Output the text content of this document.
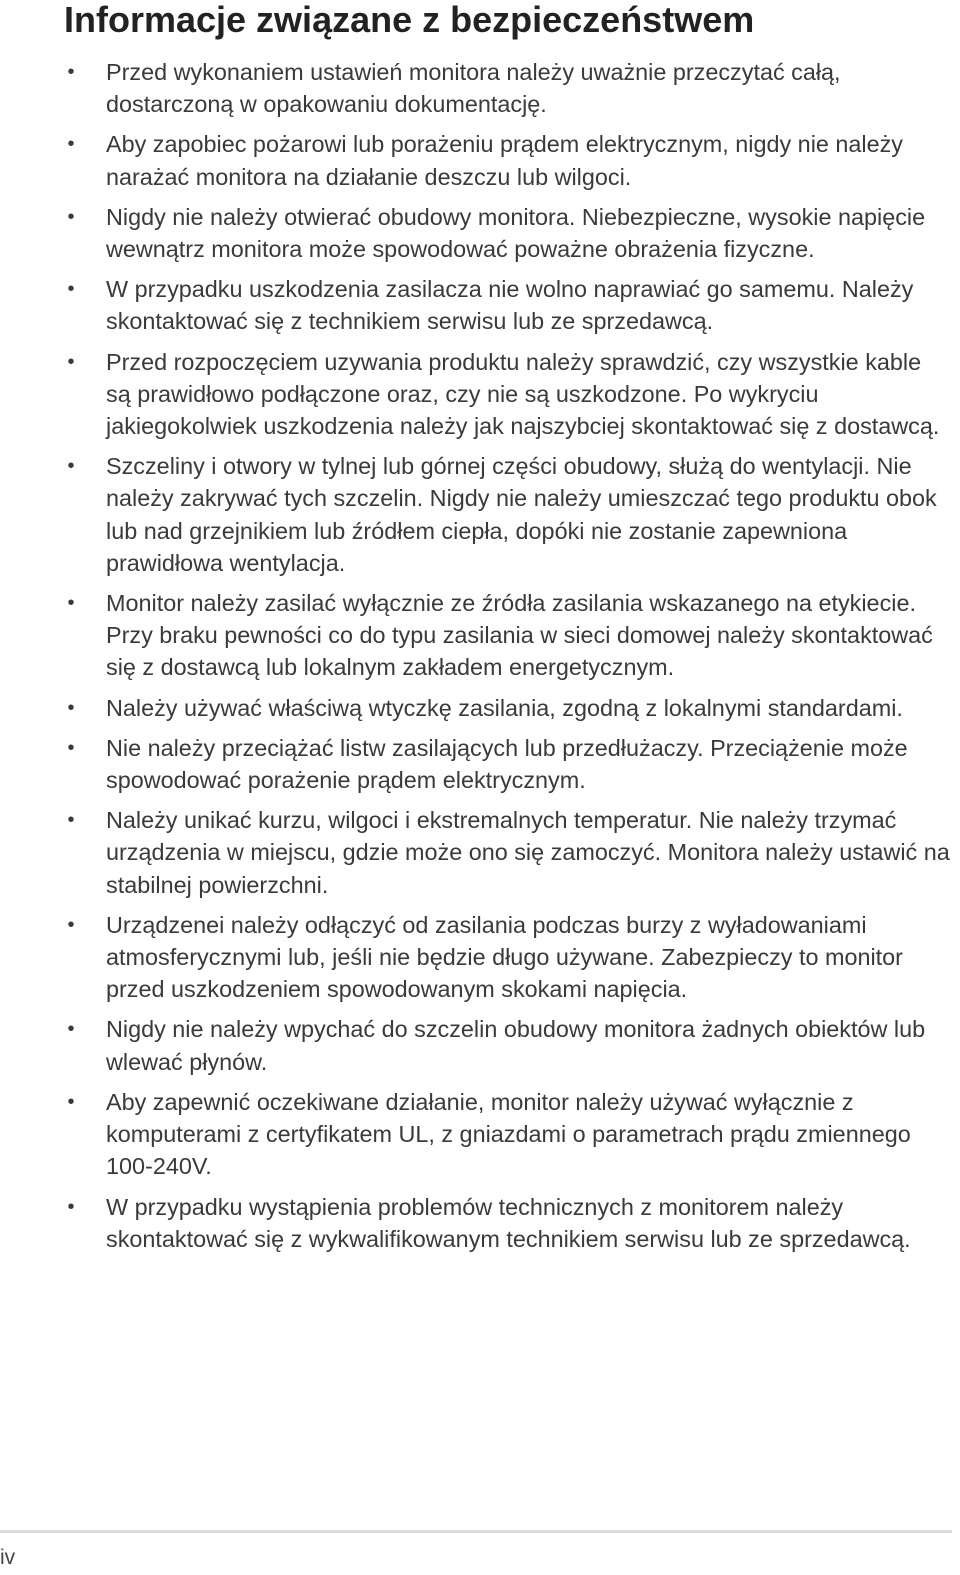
Informacje związane z bezpieczeństwem
• Przed wykonaniem ustawień monitora należy uważnie przeczytać całą, dostarczoną w opakowaniu dokumentację.
• Aby zapobiec pożarowi lub porażeniu prądem elektrycznym, nigdy nie należy narażać monitora na działanie deszczu lub wilgoci.
• Nigdy nie należy otwierać obudowy monitora. Niebezpieczne, wysokie napięcie wewnątrz monitora może spowodować poważne obrażenia fizyczne.
• W przypadku uszkodzenia zasilacza nie wolno naprawiać go samemu. Należy skontaktować się z technikiem serwisu lub ze sprzedawcą.
• Przed rozpoczęciem uzywania produktu należy sprawdzić, czy wszystkie kable są prawidłowo podłączone oraz, czy nie są uszkodzone. Po wykryciu jakiegokolwiek uszkodzenia należy jak najszybciej skontaktować się z dostawcą.
• Szczeliny i otwory w tylnej lub górnej części obudowy, służą do wentylacji. Nie należy zakrywać tych szczelin. Nigdy nie należy umieszczać tego produktu obok lub nad grzejnikiem lub źródłem ciepła, dopóki nie zostanie zapewniona prawidłowa wentylacja.
• Monitor należy zasilać wyłącznie ze źródła zasilania wskazanego na etykiecie. Przy braku pewności co do typu zasilania w sieci domowej należy skontaktować się z dostawcą lub lokalnym zakładem energetycznym.
• Należy używać właściwą wtyczkę zasilania, zgodną z lokalnymi standardami.
• Nie należy przeciążać listw zasilających lub przedłużaczy. Przeciążenie może spowodować porażenie prądem elektrycznym.
• Należy unikać kurzu, wilgoci i ekstremalnych temperatur. Nie należy trzymać urządzenia w miejscu, gdzie może ono się zamoczyć. Monitora należy ustawić na stabilnej powierzchni.
• Urządzenei należy odłączyć od zasilania podczas burzy z wyładowaniami atmosferycznymi lub, jeśli nie będzie długo używane. Zabezpieczy to monitor przed uszkodzeniem spowodowanym skokami napięcia.
• Nigdy nie należy wpychać do szczelin obudowy monitora żadnych obiektów lub wlewać płynów.
• Aby zapewnić oczekiwane działanie, monitor należy używać wyłącznie z komputerami z certyfikatem UL, z gniazdami o parametrach prądu zmiennego 100-240V.
• W przypadku wystąpienia problemów technicznych z monitorem należy skontaktować się z wykwalifikowanym technikiem serwisu lub ze sprzedawcą.
iv
